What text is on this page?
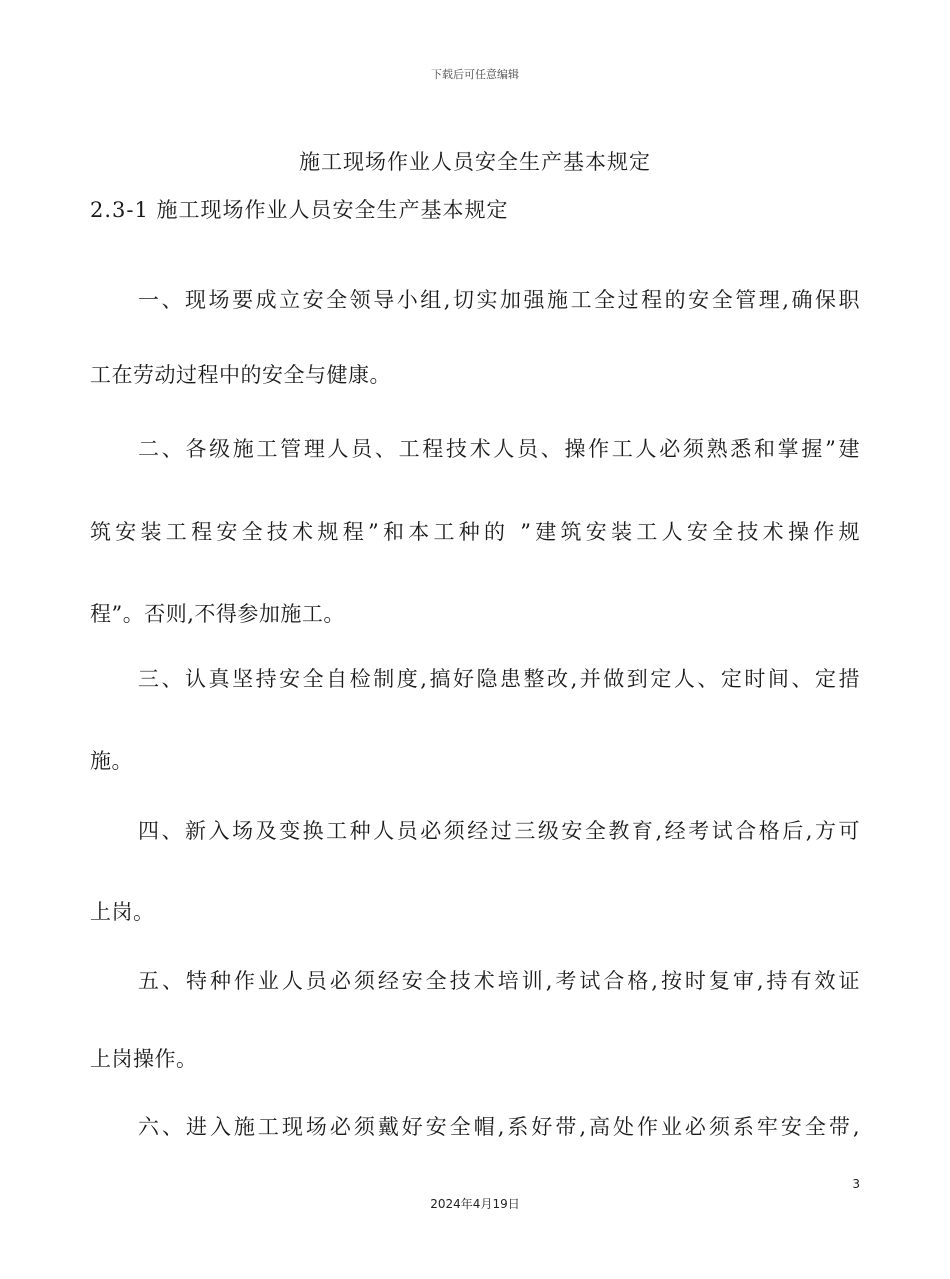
下载后可任意编辑
施工现场作业人员安全生产基本规定
2.3-1 施工现场作业人员安全生产基本规定
一、现场要成立安全领导小组,切实加强施工全过程的安全管理,确保职
工在劳动过程中的安全与健康。
二、各级施工管理人员、工程技术人员、操作工人必须熟悉和掌握”建
筑安装工程安全技术规程”和本工种的 ”建筑安装工人安全技术操作规
程”。否则,不得参加施工。
三、认真坚持安全自检制度,搞好隐患整改,并做到定人、定时间、定措
施。
四、新入场及变换工种人员必须经过三级安全教育,经考试合格后,方可
上岗。
五、特种作业人员必须经安全技术培训,考试合格,按时复审,持有效证
上岗操作。
六、进入施工现场必须戴好安全帽,系好带,高处作业必须系牢安全带,
3
2024年4月19日
